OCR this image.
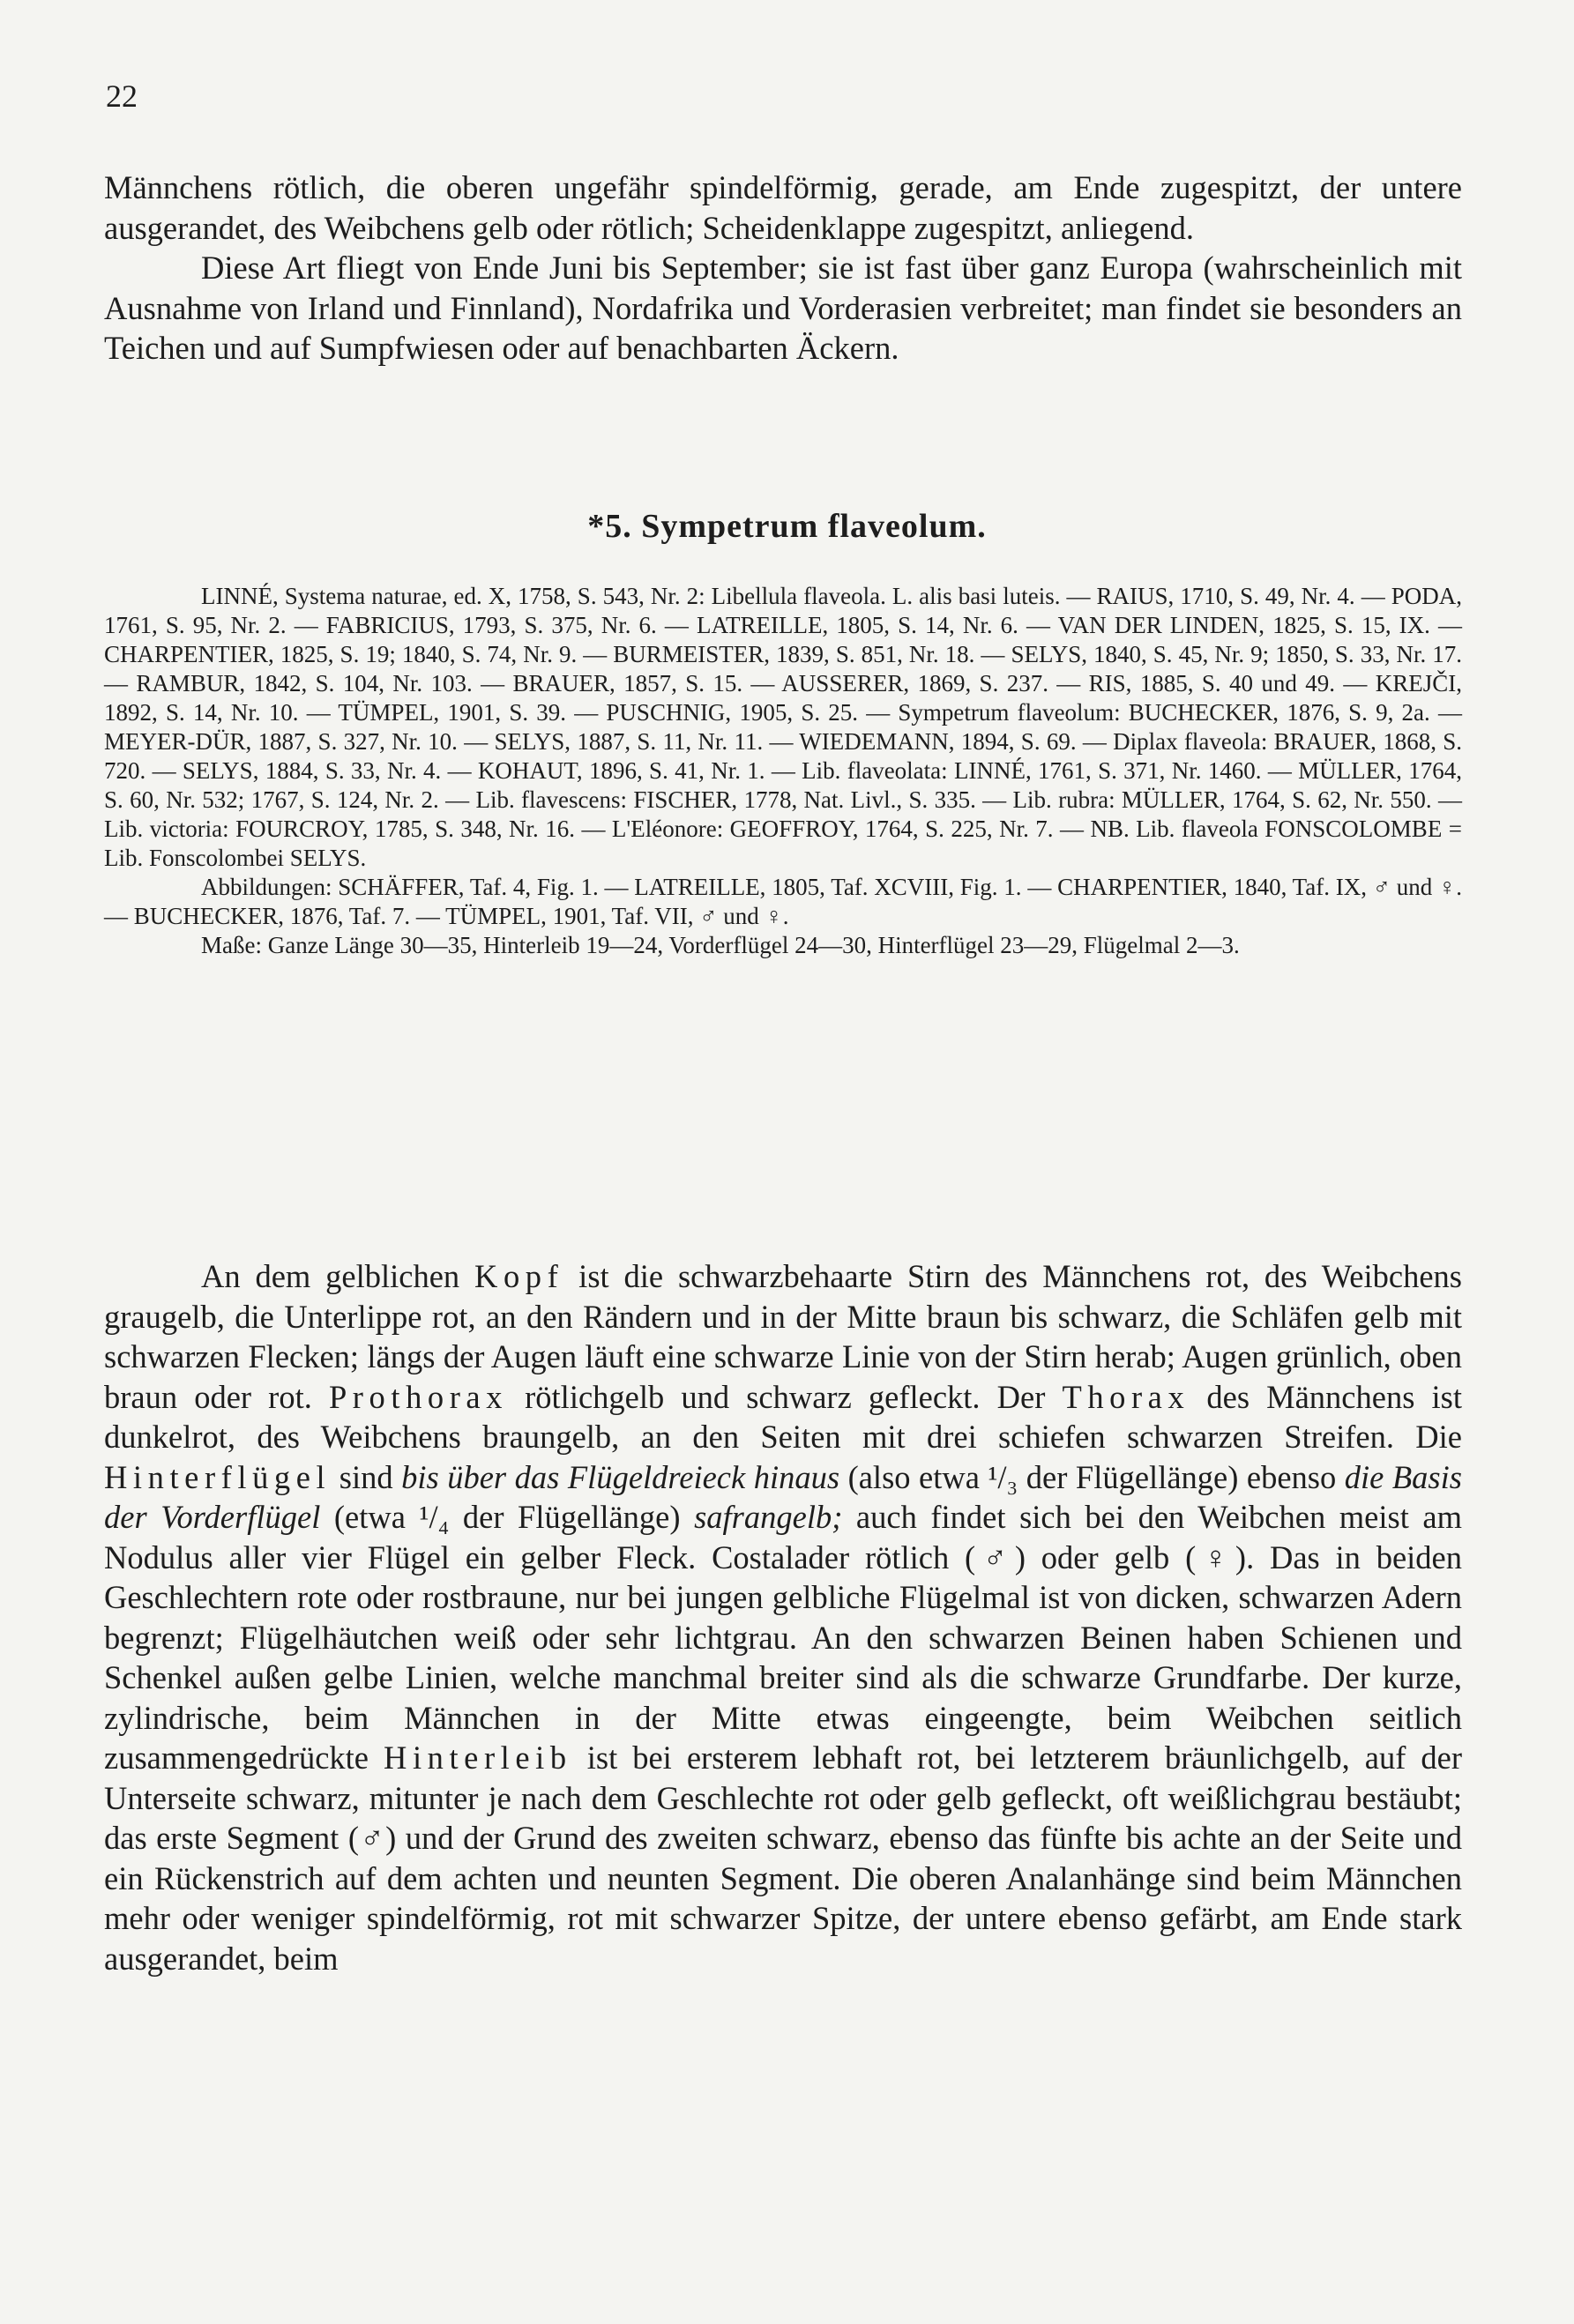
22

Männchens rötlich, die oberen ungefähr spindelförmig, gerade, am Ende zugespitzt, der untere ausgerandet, des Weibchens gelb oder rötlich; Scheidenklappe zugespitzt, anliegend.

Diese Art fliegt von Ende Juni bis September; sie ist fast über ganz Europa (wahrscheinlich mit Ausnahme von Irland und Finnland), Nordafrika und Vorderasien verbreitet; man findet sie besonders an Teichen und auf Sumpfwiesen oder auf benachbarten Äckern.

*5. Sympetrum flaveolum.

LINNÉ, Systema naturae, ed. X, 1758, S. 543, Nr. 2: Libellula flaveola. L. alis basi luteis. — RAIUS, 1710, S. 49, Nr. 4. — PODA, 1761, S. 95, Nr. 2. — FABRICIUS, 1793, S. 375, Nr. 6. — LATREILLE, 1805, S. 14, Nr. 6. — VAN DER LINDEN, 1825, S. 15, IX. — CHARPENTIER, 1825, S. 19; 1840, S. 74, Nr. 9. — BURMEISTER, 1839, S. 851, Nr. 18. — SELYS, 1840, S. 45, Nr. 9; 1850, S. 33, Nr. 17. — RAMBUR, 1842, S. 104, Nr. 103. — BRAUER, 1857, S. 15. — AUSSERER, 1869, S. 237. — RIS, 1885, S. 40 und 49. — KREJČI, 1892, S. 14, Nr. 10. — TÜMPEL, 1901, S. 39. — PUSCHNIG, 1905, S. 25. — Sympetrum flaveolum: BUCHECKER, 1876, S. 9, 2a. — MEYER-DÜR, 1887, S. 327, Nr. 10. — SELYS, 1887, S. 11, Nr. 11. — WIEDEMANN, 1894, S. 69. — Diplax flaveola: BRAUER, 1868, S. 720. — SELYS, 1884, S. 33, Nr. 4. — KOHAUT, 1896, S. 41, Nr. 1. — Lib. flaveolata: LINNÉ, 1761, S. 371, Nr. 1460. — MÜLLER, 1764, S. 60, Nr. 532; 1767, S. 124, Nr. 2. — Lib. flavescens: FISCHER, 1778, Nat. Livl., S. 335. — Lib. rubra: MÜLLER, 1764, S. 62, Nr. 550. — Lib. victoria: FOURCROY, 1785, S. 348, Nr. 16. — L'Eléonore: GEOFFROY, 1764, S. 225, Nr. 7. — NB. Lib. flaveola FONSCOLOMBE = Lib. Fonscolombei SELYS.

Abbildungen: SCHÄFFER, Taf. 4, Fig. 1. — LATREILLE, 1805, Taf. XCVIII, Fig. 1. — CHARPENTIER, 1840, Taf. IX, ♂ und ♀. — BUCHECKER, 1876, Taf. 7. — TÜMPEL, 1901, Taf. VII, ♂ und ♀.

Maße: Ganze Länge 30—35, Hinterleib 19—24, Vorderflügel 24—30, Hinterflügel 23—29, Flügelmal 2—3.

An dem gelblichen Kopf ist die schwarzbehaarte Stirn des Männchens rot, des Weibchens graugelb, die Unterlippe rot, an den Rändern und in der Mitte braun bis schwarz, die Schläfen gelb mit schwarzen Flecken; längs der Augen läuft eine schwarze Linie von der Stirn herab; Augen grünlich, oben braun oder rot. Prothorax rötlichgelb und schwarz gefleckt. Der Thorax des Männchens ist dunkelrot, des Weibchens braungelb, an den Seiten mit drei schiefen schwarzen Streifen. Die Hinterflügel sind bis über das Flügeldreieck hinaus (also etwa ¹/₃ der Flügellänge) ebenso die Basis der Vorderflügel (etwa ¹/₄ der Flügellänge) safrangelb; auch findet sich bei den Weibchen meist am Nodulus aller vier Flügel ein gelber Fleck. Costalader rötlich (♂) oder gelb (♀). Das in beiden Geschlechtern rote oder rostbraune, nur bei jungen gelbliche Flügelmal ist von dicken, schwarzen Adern begrenzt; Flügelhäutchen weiß oder sehr lichtgrau. An den schwarzen Beinen haben Schienen und Schenkel außen gelbe Linien, welche manchmal breiter sind als die schwarze Grundfarbe. Der kurze, zylindrische, beim Männchen in der Mitte etwas eingeengte, beim Weibchen seitlich zusammengedrückte Hinterleib ist bei ersterem lebhaft rot, bei letzterem bräunlichgelb, auf der Unterseite schwarz, mitunter je nach dem Geschlechte rot oder gelb gefleckt, oft weißlichgrau bestäubt; das erste Segment (♂) und der Grund des zweiten schwarz, ebenso das fünfte bis achte an der Seite und ein Rückenstrich auf dem achten und neunten Segment. Die oberen Analanhänge sind beim Männchen mehr oder weniger spindelförmig, rot mit schwarzer Spitze, der untere ebenso gefärbt, am Ende stark ausgerandet, beim
